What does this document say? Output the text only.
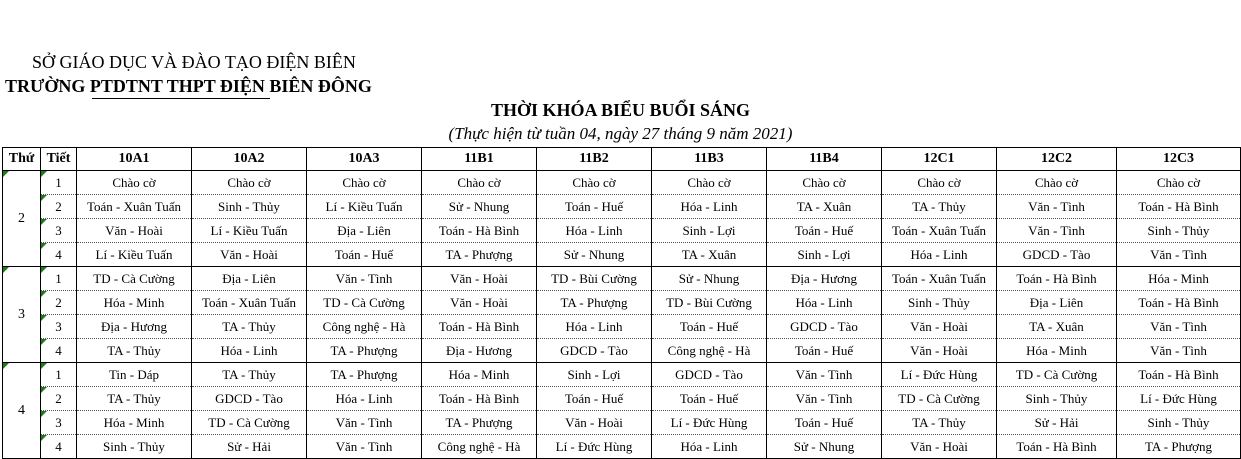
SỞ GIÁO DỤC VÀ ĐÀO TẠO ĐIỆN BIÊN
TRƯỜNG PTDTNT THPT ĐIỆN BIÊN ĐÔNG
THỜI KHÓA BIỂU BUỔI SÁNG
(Thực hiện từ tuần 04, ngày 27 tháng 9 năm 2021)
Thứ	Tiết	10A1	10A2	10A3	11B1	11B2	11B3	11B4	12C1	12C2	12C3

2	1	Chào cờ	Chào cờ	Chào cờ	Chào cờ	Chào cờ	Chào cờ	Chào cờ	Chào cờ	Chào cờ	Chào cờ

2	Toán - Xuân Tuấn	Sinh - Thủy	Lí - Kiều Tuấn	Sử - Nhung	Toán - Huế	Hóa - Linh	TA - Xuân	TA - Thủy	Văn - Tình	Toán - Hà Bình

3	Văn - Hoài	Lí - Kiều Tuấn	Địa - Liên	Toán - Hà Bình	Hóa - Linh	Sinh - Lợi	Toán - Huế	Toán - Xuân Tuấn	Văn - Tình	Sinh - Thủy

4	Lí - Kiều Tuấn	Văn - Hoài	Toán - Huế	TA - Phượng	Sử - Nhung	TA - Xuân	Sinh - Lợi	Hóa - Linh	GDCD - Tào	Văn - Tình

3	1	TD - Cà Cường	Địa - Liên	Văn - Tình	Văn - Hoài	TD - Bùi Cường	Sử - Nhung	Địa - Hương	Toán - Xuân Tuấn	Toán - Hà Bình	Hóa - Minh

2	Hóa - Minh	Toán - Xuân Tuấn	TD - Cà Cường	Văn - Hoài	TA - Phượng	TD - Bùi Cường	Hóa - Linh	Sinh - Thủy	Địa - Liên	Toán - Hà Bình

3	Địa - Hương	TA - Thủy	Công nghệ - Hà	Toán - Hà Bình	Hóa - Linh	Toán - Huế	GDCD - Tào	Văn - Hoài	TA - Xuân	Văn - Tình

4	TA - Thủy	Hóa - Linh	TA - Phượng	Địa - Hương	GDCD - Tào	Công nghệ - Hà	Toán - Huế	Văn - Hoài	Hóa - Minh	Văn - Tình

4	1	Tin - Dáp	TA - Thủy	TA - Phượng	Hóa - Minh	Sinh - Lợi	GDCD - Tào	Văn - Tình	Lí - Đức Hùng	TD - Cà Cường	Toán - Hà Bình

2	TA - Thủy	GDCD - Tào	Hóa - Linh	Toán - Hà Bình	Toán - Huế	Toán - Huế	Văn - Tình	TD - Cà Cường	Sinh - Thủy	Lí - Đức Hùng

3	Hóa - Minh	TD - Cà Cường	Văn - Tình	TA - Phượng	Văn - Hoài	Lí - Đức Hùng	Toán - Huế	TA - Thủy	Sử - Hải	Sinh - Thủy

4	Sinh - Thủy	Sử - Hải	Văn - Tình	Công nghệ - Hà	Lí - Đức Hùng	Hóa - Linh	Sử - Nhung	Văn - Hoài	Toán - Hà Bình	TA - Phượng
